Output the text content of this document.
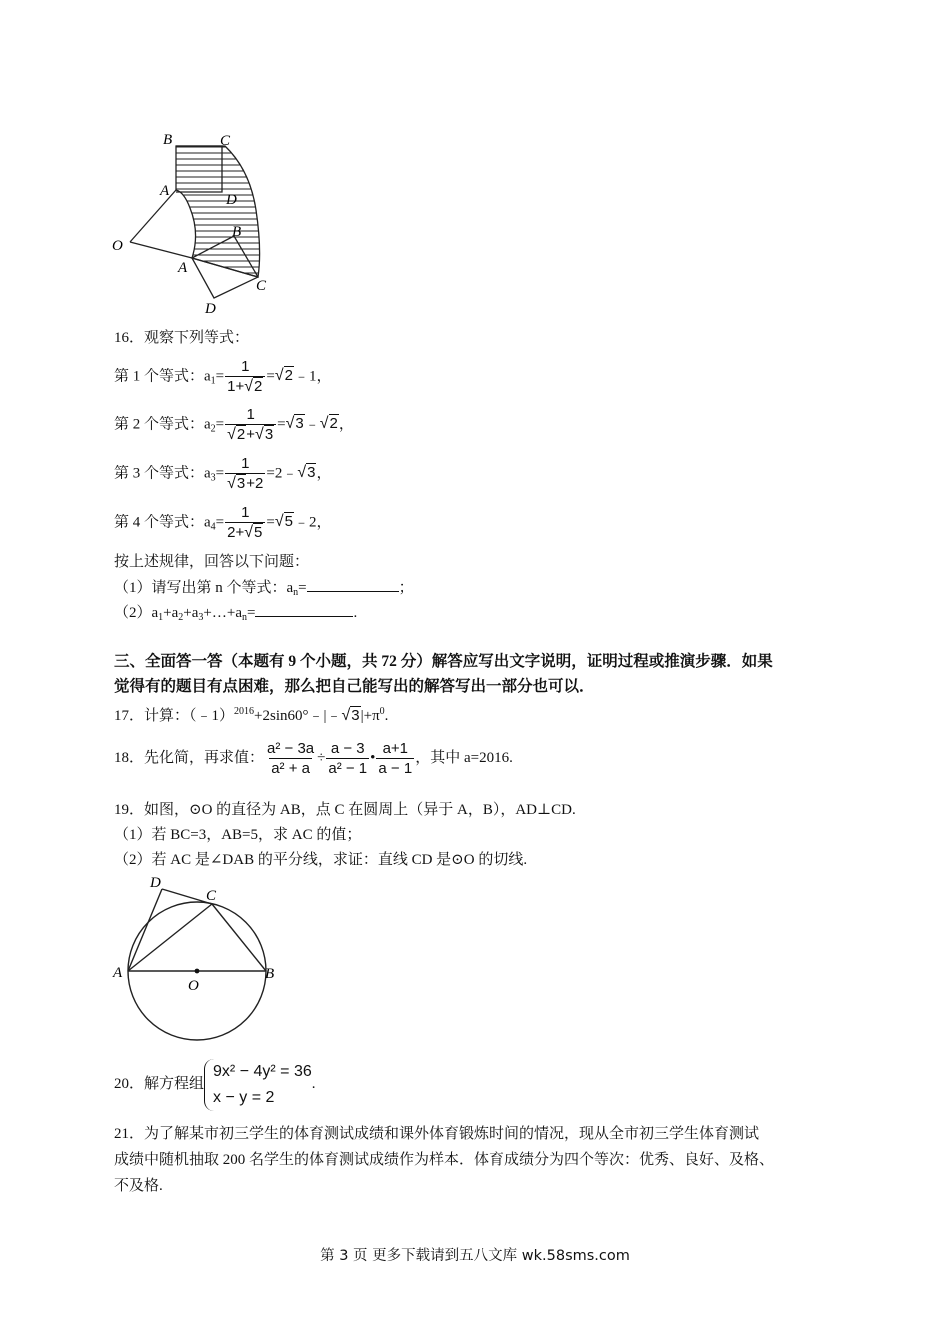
B	C
A
D
O
B
A
C
D
16．观察下列等式：
第 1 个等式：$a_1= \frac{1}{1+√2}$ =√2﹣1，
第 2 个等式：$a_2= \frac{1}{√2+√3}$ =√3﹣√2，
第 3 个等式：$a_3= \frac{1}{√3+2}$ =2﹣√3，
第 4 个等式：$a_4= \frac{1}{2+√5}$ =√5﹣2，
按上述规律，回答以下问题：
（1）请写出第 n 个等式：$a_n=$	；
$(2)a_1+a_2+a_3+\dots+a_n=$	.
三、全面答一答（本题有 9 个小题，共 72 分）解答应写出文字说明，证明过程或推演步骤．如果
觉得有的题目有点困难，那么把自己能写出的解答写出一部分也可以．
17．计算：$(﹣1)^{2016}+2\sin 60^\circ﹣|﹣√3|+\pi^0$.
18．先化简，再求值： $\frac{\text{a² − 3a}}{\text{a² + a}} \div \frac{a - 3}{\text{a² − 1}}$ • $\frac{a+1}{a - 1}$ ，其中 a=2016.
19．如图，⊙O 的直径为 AB，点 C 在圆周上（异于 A，B），AD⊥CD.
（1）若 BC=3，AB=5，求 AC 的值；
（2）若 AC 是∠DAB 的平分线，求证：直线 CD 是⊙O 的切线.
D
C
A	B
O
20．解方程组
9x² − 4y² = 36
x − y = 2
.
21．为了解某市初三学生的体育测试成绩和课外体育锻炼时间的情况，现从全市初三学生体育测试
成绩中随机抽取 200 名学生的体育测试成绩作为样本．体育成绩分为四个等次：优秀、良好、及格、
不及格.
第 3 页 更多下载请到五八文库 wk.58sms.com
